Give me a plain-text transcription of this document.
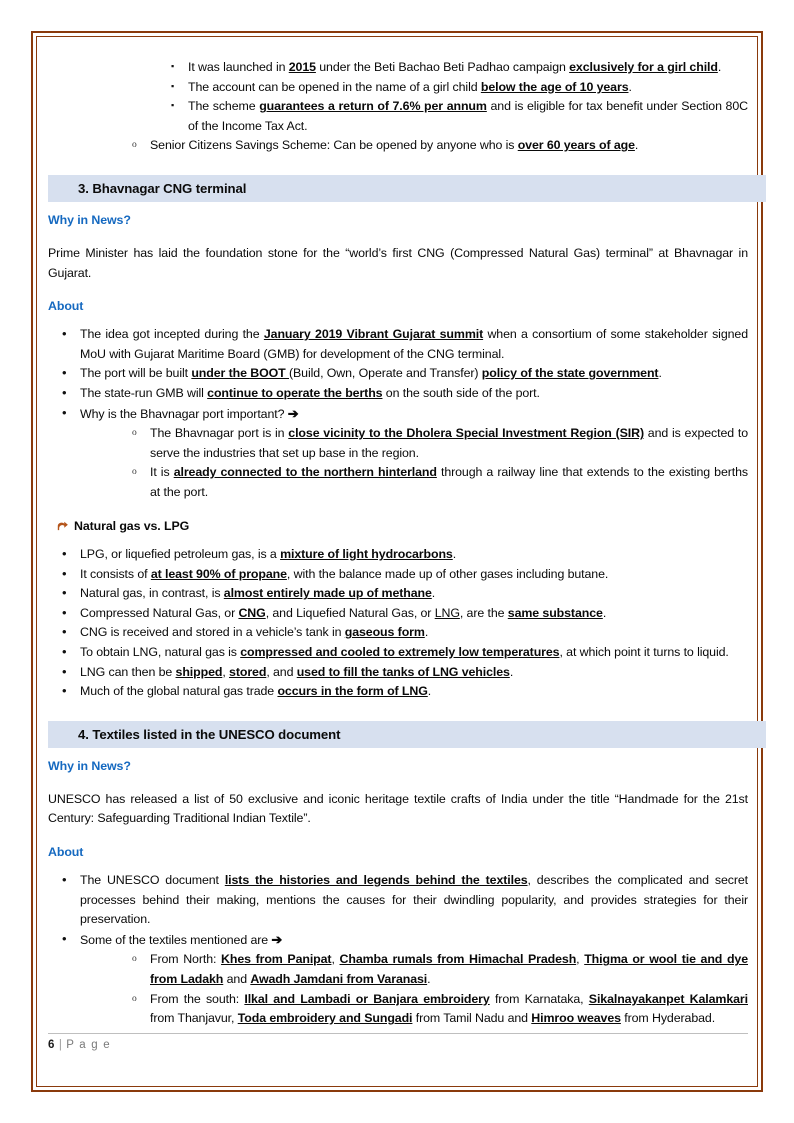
▪ It was launched in 2015 under the Beti Bachao Beti Padhao campaign exclusively for a girl child.
▪ The account can be opened in the name of a girl child below the age of 10 years.
▪ The scheme guarantees a return of 7.6% per annum and is eligible for tax benefit under Section 80C of the Income Tax Act.
o Senior Citizens Savings Scheme: Can be opened by anyone who is over 60 years of age.
3. Bhavnagar CNG terminal
Why in News?

Prime Minister has laid the foundation stone for the “world’s first CNG (Compressed Natural Gas) terminal” at Bhavnagar in Gujarat.

About
• The idea got incepted during the January 2019 Vibrant Gujarat summit when a consortium of some stakeholder signed MoU with Gujarat Maritime Board (GMB) for development of the CNG terminal.
• The port will be built under the BOOT (Build, Own, Operate and Transfer) policy of the state government.
• The state-run GMB will continue to operate the berths on the south side of the port.
• Why is the Bhavnagar port important? ➔
o The Bhavnagar port is in close vicinity to the Dholera Special Investment Region (SIR) and is expected to serve the industries that set up base in the region.
o It is already connected to the northern hinterland through a railway line that extends to the existing berths at the port.
Natural gas vs. LPG
• LPG, or liquefied petroleum gas, is a mixture of light hydrocarbons.
• It consists of at least 90% of propane, with the balance made up of other gases including butane.
• Natural gas, in contrast, is almost entirely made up of methane.
• Compressed Natural Gas, or CNG, and Liquefied Natural Gas, or LNG, are the same substance.
• CNG is received and stored in a vehicle’s tank in gaseous form.
• To obtain LNG, natural gas is compressed and cooled to extremely low temperatures, at which point it turns to liquid.
• LNG can then be shipped, stored, and used to fill the tanks of LNG vehicles.
• Much of the global natural gas trade occurs in the form of LNG.
4. Textiles listed in the UNESCO document
Why in News?

UNESCO has released a list of 50 exclusive and iconic heritage textile crafts of India under the title “Handmade for the 21st Century: Safeguarding Traditional Indian Textile”.

About
• The UNESCO document lists the histories and legends behind the textiles, describes the complicated and secret processes behind their making, mentions the causes for their dwindling popularity, and provides strategies for their preservation.
• Some of the textiles mentioned are ➔
o From North: Khes from Panipat, Chamba rumals from Himachal Pradesh, Thigma or wool tie and dye from Ladakh and Awadh Jamdani from Varanasi.
o From the south: Ilkal and Lambadi or Banjara embroidery from Karnataka, Sikalnayakanpet Kalamkari from Thanjavur, Toda embroidery and Sungadi from Tamil Nadu and Himroo weaves from Hyderabad.
6 | P a g e
